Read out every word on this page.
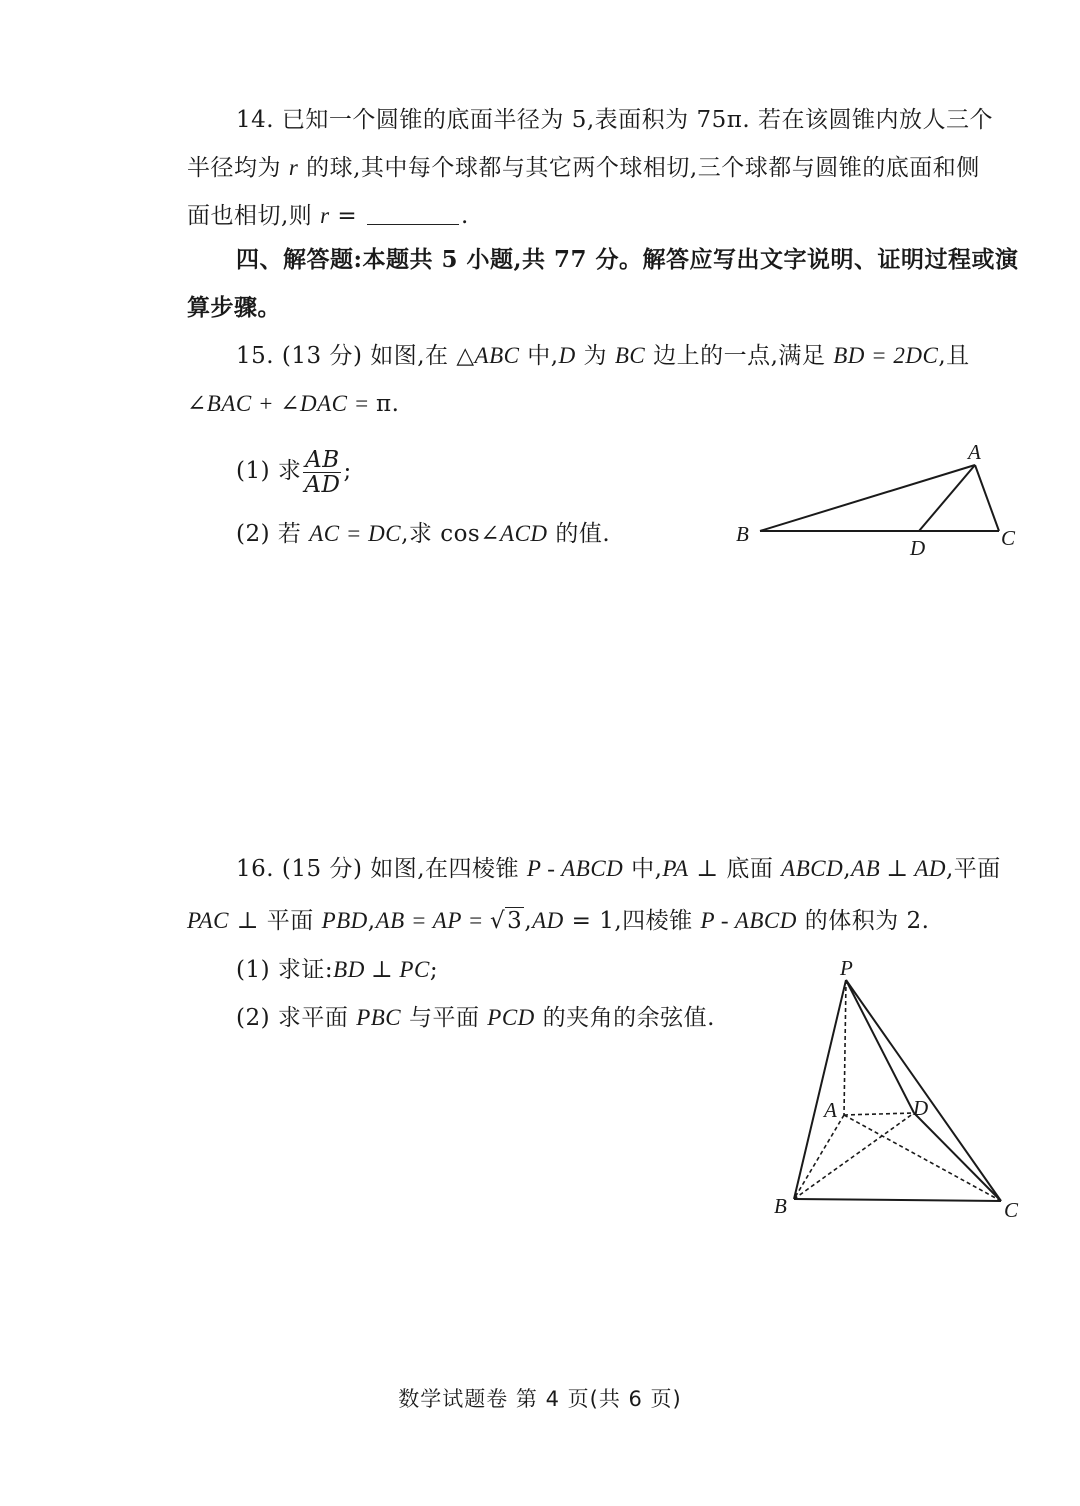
14. 已知一个圆锥的底面半径为 5,表面积为 75π. 若在该圆锥内放人三个
半径均为 r 的球,其中每个球都与其它两个球相切,三个球都与圆锥的底面和侧
面也相切,则 r =	.
四、解答题:本题共 5 小题,共 77 分。解答应写出文字说明、证明过程或演
算步骤。
15. (13 分) 如图,在 △ABC 中,D 为 BC 边上的一点,满足 BD = 2DC,且
∠BAC + ∠DAC = π.
(1) 求 $\frac{AB}{AD}$ ;
(2) 若 AC = DC,求 cos∠ACD 的值.
A
B	C
D
16. (15 分) 如图,在四棱锥 P - ABCD 中,PA ⊥ 底面 ABCD,AB ⊥ AD,平面
PAC ⊥ 平面 PBD,AB = AP = √3,AD = 1,四棱锥 P - ABCD 的体积为 2.
(1) 求证:BD ⊥ PC;
(2) 求平面 PBC 与平面 PCD 的夹角的余弦值.
P
A	D
B	C
数学试题卷 第 4 页(共 6 页)
